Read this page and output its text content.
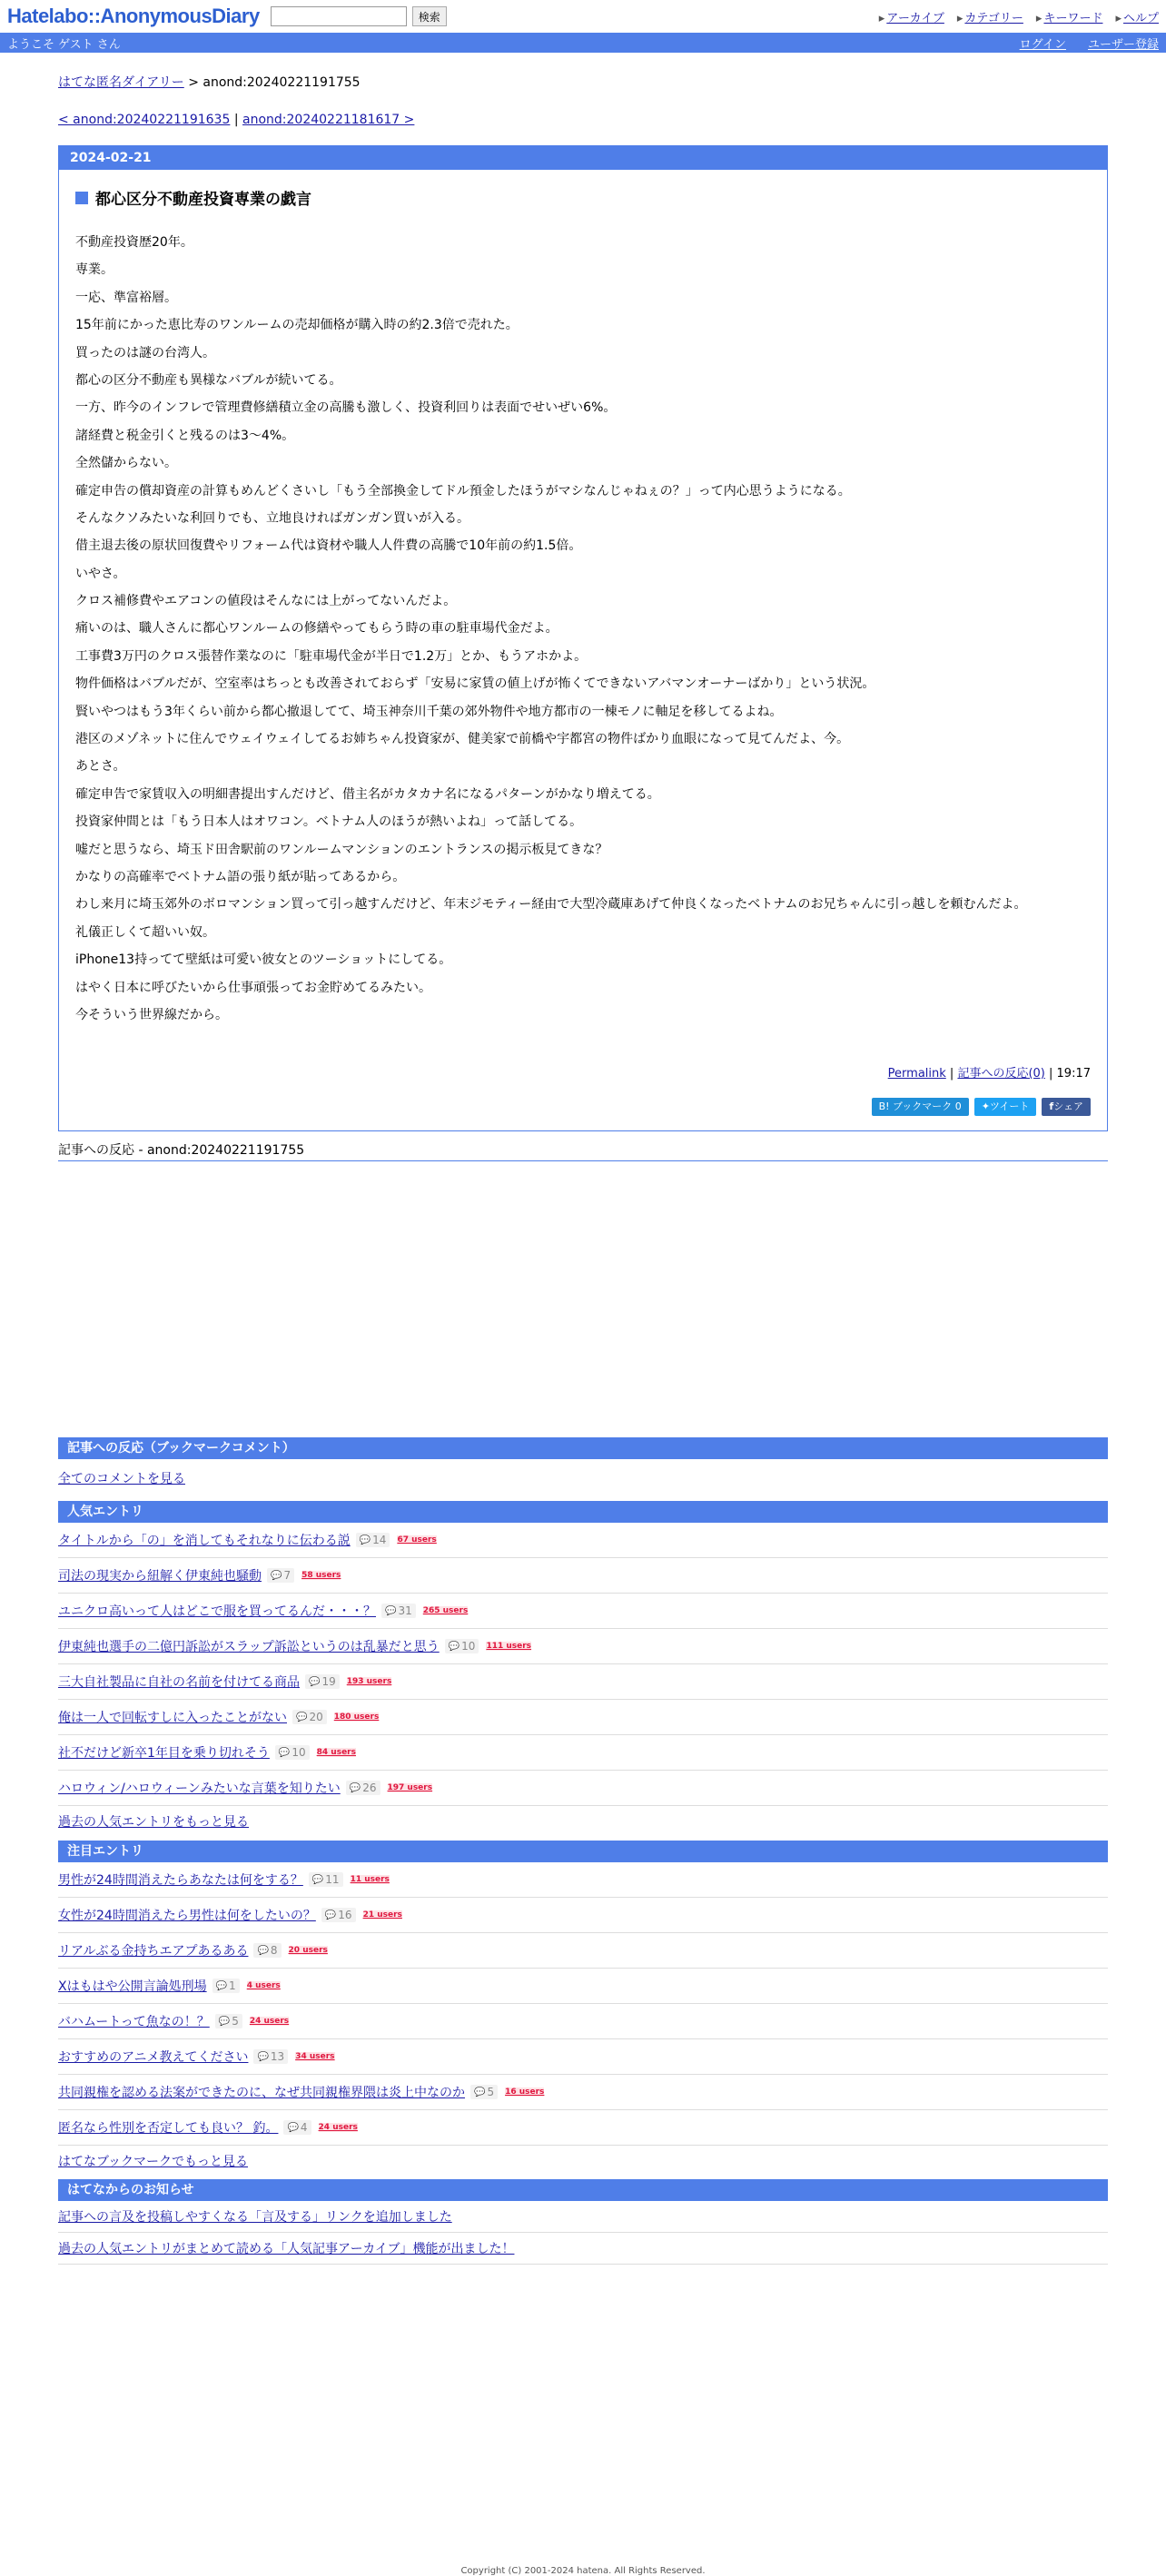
Hatelabo::AnonymousDiary	検索	▸ アーカイブ	▸ カテゴリー	▸ キーワード	▸ ヘルプ
ようこそ ゲスト さん	ログイン ユーザー登録
はてな匿名ダイアリー > anond:20240221191755
< anond:20240221191635 | anond:20240221181617 >
2024-02-21
都心区分不動産投資専業の戯言

不動産投資歴20年。

専業。

一応、準富裕層。

15年前にかった恵比寿のワンルームの売却価格が購入時の約2.3倍で売れた。

買ったのは謎の台湾人。

都心の区分不動産も異様なバブルが続いてる。

一方、昨今のインフレで管理費修繕積立金の高騰も激しく、投資利回りは表面でせいぜい6%。

諸経費と税金引くと残るのは3〜4%。

全然儲からない。

確定申告の償却資産の計算もめんどくさいし「もう全部換金してドル預金したほうがマシなんじゃねぇの？」って内心思うようになる。

そんなクソみたいな利回りでも、立地良ければガンガン買いが入る。

借主退去後の原状回復費やリフォーム代は資材や職人人件費の高騰で10年前の約1.5倍。

いやさ。

クロス補修費やエアコンの値段はそんなには上がってないんだよ。

痛いのは、職人さんに都心ワンルームの修繕やってもらう時の車の駐車場代金だよ。

工事費3万円のクロス張替作業なのに「駐車場代金が半日で1.2万」とか、もうアホかよ。

物件価格はバブルだが、空室率はちっとも改善されておらず「安易に家賃の値上げが怖くてできないアバマンオーナーばかり」という状況。

賢いやつはもう3年くらい前から都心撤退してて、埼玉神奈川千葉の郊外物件や地方都市の一棟モノに軸足を移してるよね。

港区のメゾネットに住んでウェイウェイしてるお姉ちゃん投資家が、健美家で前橋や宇都宮の物件ばかり血眼になって見てんだよ、今。

あとさ。

確定申告で家賃収入の明細書提出すんだけど、借主名がカタカナ名になるパターンがかなり増えてる。

投資家仲間とは「もう日本人はオワコン。ベトナム人のほうが熱いよね」って話してる。

嘘だと思うなら、埼玉ド田舎駅前のワンルームマンションのエントランスの掲示板見てきな？

かなりの高確率でベトナム語の張り紙が貼ってあるから。

わし来月に埼玉郊外のボロマンション買って引っ越すんだけど、年末ジモティー経由で大型冷蔵庫あげて仲良くなったベトナムのお兄ちゃんに引っ越しを頼むんだよ。

礼儀正しくて超いい奴。

iPhone13持ってて壁紙は可愛い彼女とのツーショットにしてる。

はやく日本に呼びたいから仕事頑張ってお金貯めてるみたい。

今そういう世界線だから。

Permalink | 記事への反応(0) | 19:17
B! ブックマーク 0	✦ツイート	fシェア
記事への反応 - anond:20240221191755
記事への反応（ブックマークコメント）
全てのコメントを見る
人気エントリ
タイトルから「の」を消してもそれなりに伝わる説	💬 14	67 users
司法の現実から紐解く伊東純也騒動	💬 7	58 users
ユニクロ高いって人はどこで服を買ってるんだ・・・？	💬 31	265 users
伊東純也選手の二億円訴訟がスラップ訴訟というのは乱暴だと思う	💬 10	111 users
三大自社製品に自社の名前を付けてる商品	💬 19	193 users
俺は一人で回転すしに入ったことがない	💬 20	180 users
社不だけど新卒1年目を乗り切れそう	💬 10	84 users
ハロウィン/ハロウィーンみたいな言葉を知りたい	💬 26	197 users
過去の人気エントリをもっと見る
注目エントリ
男性が24時間消えたらあなたは何をする？	💬 11	11 users
女性が24時間消えたら男性は何をしたいの？	💬 16	21 users
リアルぶる金持ちエアプあるある	💬 8	20 users
Xはもはや公開言論処刑場	💬 1	4 users
バハムートって魚なの！？	💬 5	24 users
おすすめのアニメ教えてください	💬 13	34 users
共同親権を認める法案ができたのに、なぜ共同親権界隈は炎上中なのか	💬 5	16 users
匿名なら性別を否定しても良い？ 釣。	💬 4	24 users
はてなブックマークでもっと見る
はてなからのお知らせ
記事への言及を投稿しやすくなる「言及する」リンクを追加しました
過去の人気エントリがまとめて読める「人気記事アーカイブ」機能が出ました！
Copyright (C) 2001-2024 hatena. All Rights Reserved.
